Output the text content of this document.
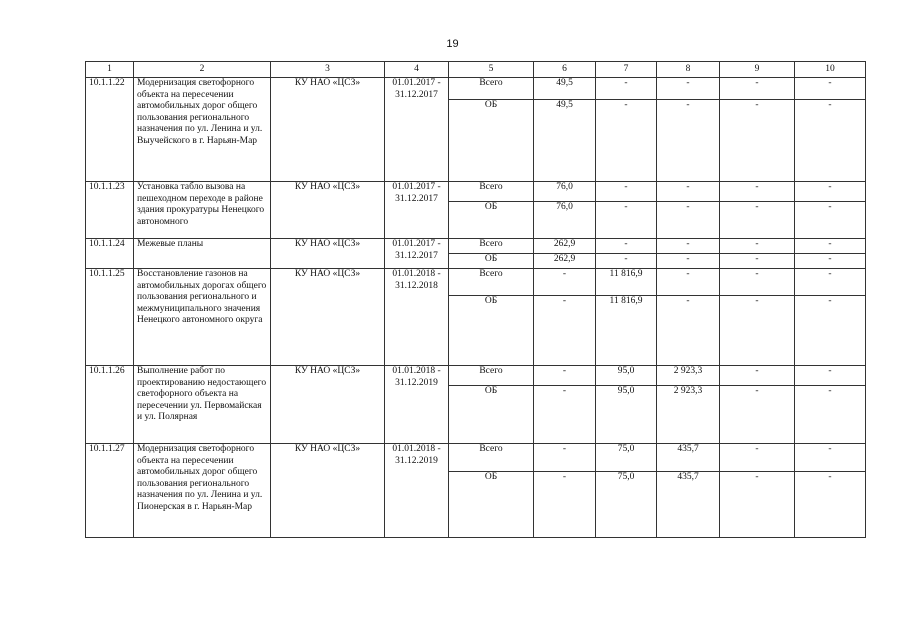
19
1	2	3	4	5	6	7	8	9	10
10.1.1.22	Модернизация светофорного объекта на пересечении автомобильных дорог общего пользования регионального назначения по ул. Ленина и ул. Выучейского в г. Нарьян-Мар	КУ НАО «ЦСЗ»	01.01.2017 - 31.12.2017	Всего	49,5	-	-	-	-
				ОБ	49,5	-	-	-	-
10.1.1.23	Установка табло вызова на пешеходном переходе в районе здания прокуратуры Ненецкого автономного	КУ НАО «ЦСЗ»	01.01.2017 - 31.12.2017	Всего	76,0	-	-	-	-
				ОБ	76,0	-	-	-	-
10.1.1.24	Межевые планы	КУ НАО «ЦСЗ»	01.01.2017 - 31.12.2017	Всего	262,9	-	-	-	-
				ОБ	262,9	-	-	-	-
10.1.1.25	Восстановление газонов на автомобильных дорогах общего пользования регионального и межмуниципального значения Ненецкого автономного округа	КУ НАО «ЦСЗ»	01.01.2018 - 31.12.2018	Всего	-	11 816,9	-	-	-
				ОБ	-	11 816,9	-	-	-
10.1.1.26	Выполнение работ по проектированию недостающего светофорного объекта на пересечении ул. Первомайская и ул. Полярная	КУ НАО «ЦСЗ»	01.01.2018 - 31.12.2019	Всего	-	95,0	2 923,3	-	-
				ОБ	-	95,0	2 923,3	-	-
10.1.1.27	Модернизация светофорного объекта на пересечении автомобильных дорог общего пользования регионального назначения по ул. Ленина и ул. Пионерская в г. Нарьян-Мар	КУ НАО «ЦСЗ»	01.01.2018 - 31.12.2019	Всего	-	75,0	435,7	-	-
				ОБ	-	75,0	435,7	-	-
